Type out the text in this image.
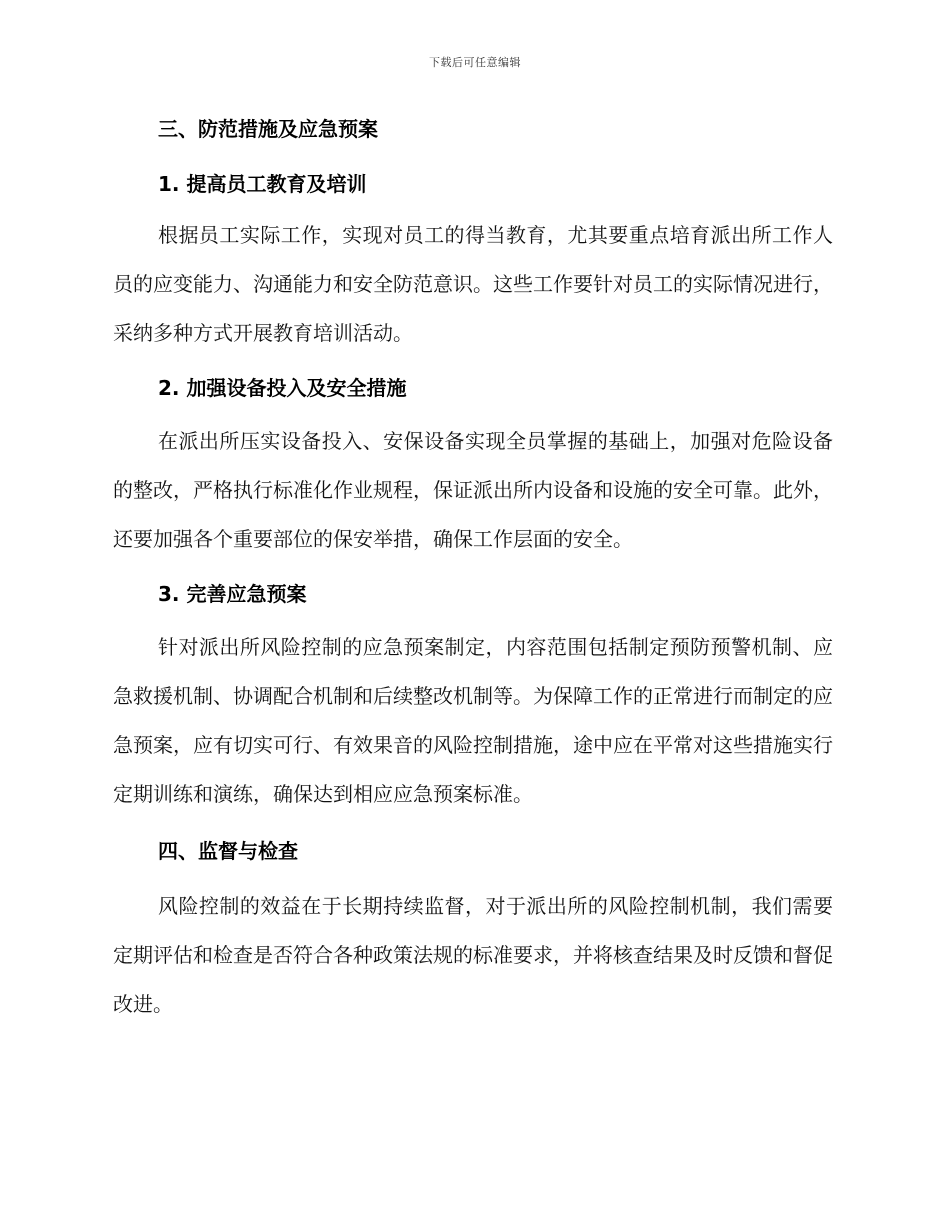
下载后可任意编辑
三、防范措施及应急预案
1. 提高员工教育及培训

根据员工实际工作，实现对员工的得当教育，尤其要重点培育派出所工作人员的应变能力、沟通能力和安全防范意识。这些工作要针对员工的实际情况进行，采纳多种方式开展教育培训活动。

2. 加强设备投入及安全措施

在派出所压实设备投入、安保设备实现全员掌握的基础上，加强对危险设备的整改，严格执行标准化作业规程，保证派出所内设备和设施的安全可靠。此外，还要加强各个重要部位的保安举措，确保工作层面的安全。

3. 完善应急预案

针对派出所风险控制的应急预案制定，内容范围包括制定预防预警机制、应急救援机制、协调配合机制和后续整改机制等。为保障工作的正常进行而制定的应急预案，应有切实可行、有效果音的风险控制措施，途中应在平常对这些措施实行定期训练和演练，确保达到相应应急预案标准。

四、监督与检查

风险控制的效益在于长期持续监督，对于派出所的风险控制机制，我们需要定期评估和检查是否符合各种政策法规的标准要求，并将核查结果及时反馈和督促改进。
